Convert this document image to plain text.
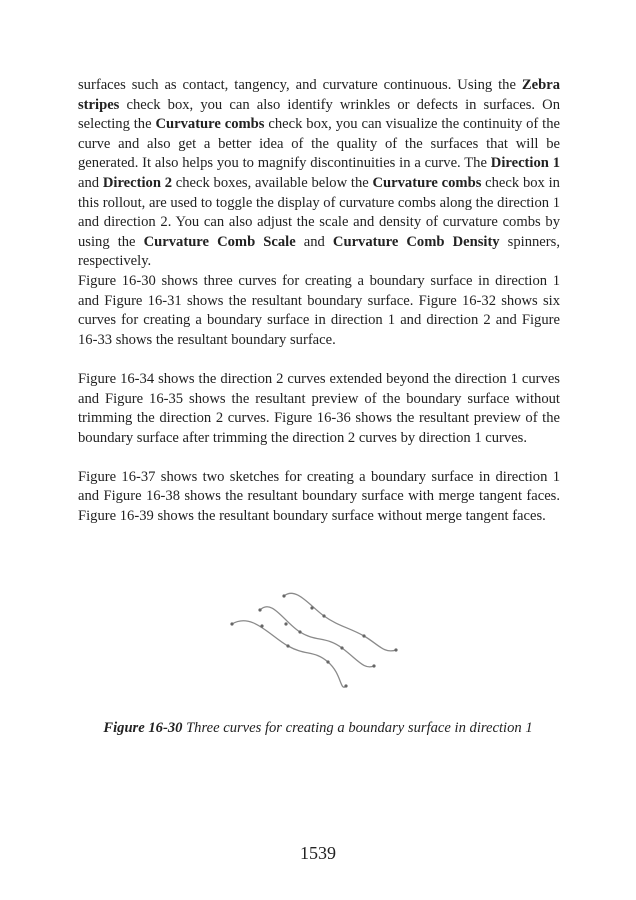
surfaces such as contact, tangency, and curvature continuous. Using the Zebra stripes check box, you can also identify wrinkles or defects in surfaces. On selecting the Curvature combs check box, you can visualize the continuity of the curve and also get a better idea of the quality of the surfaces that will be generated. It also helps you to magnify discontinuities in a curve. The Direction 1 and Direction 2 check boxes, available below the Curvature combs check box in this rollout, are used to toggle the display of curvature combs along the direction 1 and direction 2. You can also adjust the scale and density of curvature combs by using the Curvature Comb Scale and Curvature Comb Density spinners, respectively.

Figure 16-30 shows three curves for creating a boundary surface in direction 1 and Figure 16-31 shows the resultant boundary surface. Figure 16-32 shows six curves for creating a boundary surface in direction 1 and direction 2 and Figure 16-33 shows the resultant boundary surface.

Figure 16-34 shows the direction 2 curves extended beyond the direction 1 curves and Figure 16-35 shows the resultant preview of the boundary surface without trimming the direction 2 curves. Figure 16-36 shows the resultant preview of the boundary surface after trimming the direction 2 curves by direction 1 curves.

Figure 16-37 shows two sketches for creating a boundary surface in direction 1 and Figure 16-38 shows the resultant boundary surface with merge tangent faces. Figure 16-39 shows the resultant boundary surface without merge tangent faces.

Figure 16-30 Three curves for creating a boundary surface in direction 1
1539
